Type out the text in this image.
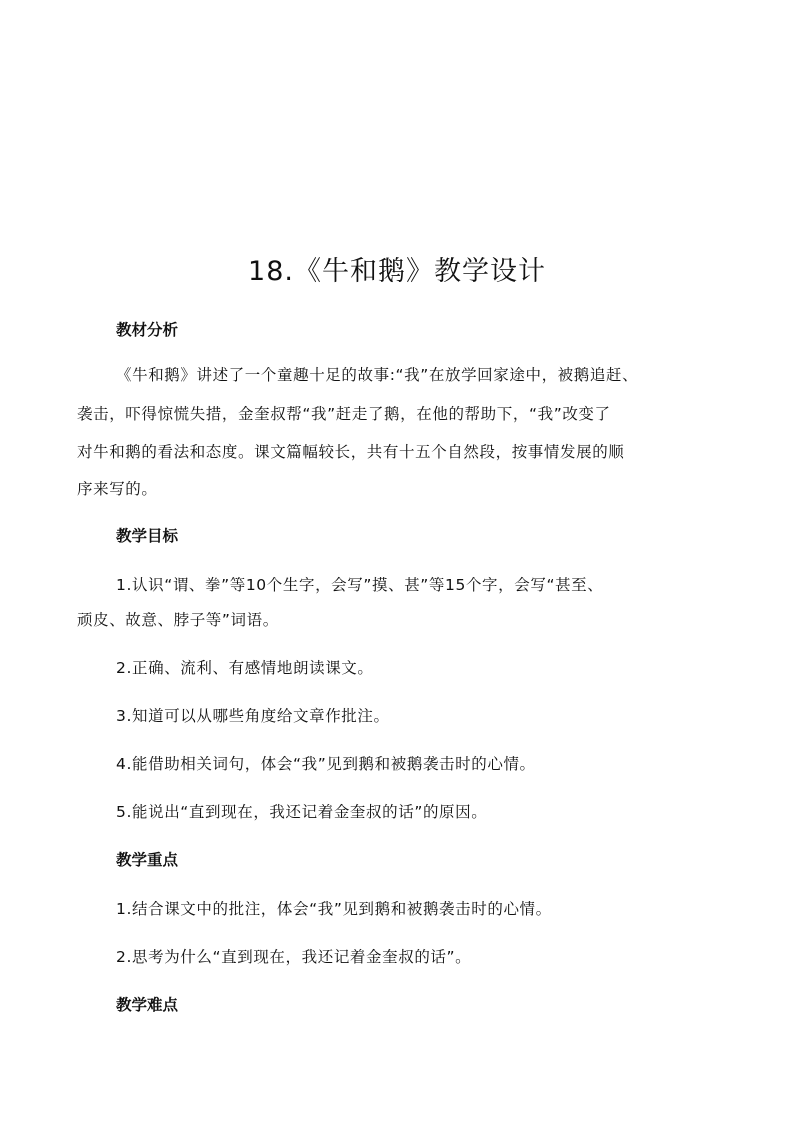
18.《牛和鹅》教学设计
教材分析
《牛和鹅》讲述了一个童趣十足的故事:“我”在放学回家途中，被鹅追赶、
袭击，吓得惊慌失措，金奎叔帮“我”赶走了鹅，在他的帮助下，“我”改变了
对牛和鹅的看法和态度。课文篇幅较长，共有十五个自然段，按事情发展的顺
序来写的。
教学目标
1.认识“谓、拳”等10个生字，会写”摸、甚”等15个字，会写“甚至、
顽皮、故意、脖子等”词语。
2.正确、流利、有感情地朗读课文。
3.知道可以从哪些角度给文章作批注。
4.能借助相关词句，体会“我”见到鹅和被鹅袭击时的心情。
5.能说出“直到现在，我还记着金奎叔的话”的原因。
教学重点
1.结合课文中的批注，体会“我”见到鹅和被鹅袭击时的心情。
2.思考为什么“直到现在，我还记着金奎叔的话”。
教学难点
